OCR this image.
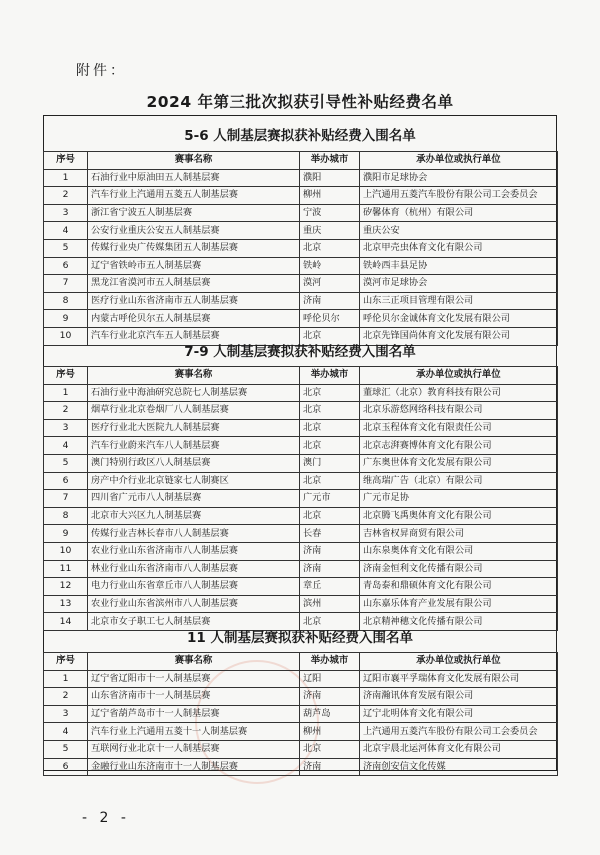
附件：
2024 年第三批次拟获引导性补贴经费名单
5-6 人制基层赛拟获补贴经费入围名单
序号	赛事名称	举办城市	承办单位或执行单位
1	石油行业中原油田五人制基层赛	濮阳	濮阳市足球协会
2	汽车行业上汽通用五菱五人制基层赛	柳州	上汽通用五菱汽车股份有限公司工会委员会
3	浙江省宁波五人制基层赛	宁波	矽馨体育（杭州）有限公司
4	公安行业重庆公安五人制基层赛	重庆	重庆公安
5	传媒行业央广传媒集团五人制基层赛	北京	北京甲壳虫体育文化有限公司
6	辽宁省铁岭市五人制基层赛	铁岭	铁岭西丰县足协
7	黑龙江省漠河市五人制基层赛	漠河	漠河市足球协会
8	医疗行业山东省济南市五人制基层赛	济南	山东三正项目管理有限公司
9	内蒙古呼伦贝尔五人制基层赛	呼伦贝尔	呼伦贝尔金诚体育文化发展有限公司
10	汽车行业北京汽车五人制基层赛	北京	北京先锋国尚体育文化发展有限公司
7-9 人制基层赛拟获补贴经费入围名单
序号	赛事名称	举办城市	承办单位或执行单位
1	石油行业中海油研究总院七人制基层赛	北京	董球汇（北京）教育科技有限公司
2	烟草行业北京卷烟厂八人制基层赛	北京	北京乐游悠网络科技有限公司
3	医疗行业北大医院九人制基层赛	北京	北京玉程体育文化有限责任公司
4	汽车行业蔚来汽车八人制基层赛	北京	北京志湃赛博体育文化有限公司
5	澳门特别行政区八人制基层赛	澳门	广东奥世体育文化发展有限公司
6	房产中介行业北京链家七人制赛区	北京	维高瑞广告（北京）有限公司
7	四川省广元市八人制基层赛	广元市	广元市足协
8	北京市大兴区九人制基层赛	北京	北京腾飞禹奥体育文化有限公司
9	传媒行业吉林长春市八人制基层赛	长春	吉林省权昇商贸有限公司
10	农业行业山东省济南市八人制基层赛	济南	山东泉奥体育文化有限公司
11	林业行业山东省济南市八人制基层赛	济南	济南金恒利文化传播有限公司
12	电力行业山东省章丘市八人制基层赛	章丘	青岛泰和鼎硕体育文化有限公司
13	农业行业山东省滨州市八人制基层赛	滨州	山东嘉乐体育产业发展有限公司
14	北京市女子职工七人制基层赛	北京	北京精神穗文化传播有限公司
11 人制基层赛拟获补贴经费入围名单
序号	赛事名称	举办城市	承办单位或执行单位
1	辽宁省辽阳市十一人制基层赛	辽阳	辽阳市襄平孚瑞体育文化发展有限公司
2	山东省济南市十一人制基层赛	济南	济南瀚讯体育发展有限公司
3	辽宁省葫芦岛市十一人制基层赛	葫芦岛	辽宁北明体育文化有限公司
4	汽车行业上汽通用五菱十一人制基层赛	柳州	上汽通用五菱汽车股份有限公司工会委员会
5	互联网行业北京十一人制基层赛	北京	北京宇晨北运河体育文化有限公司
6	金融行业山东济南市十一人制基层赛	济南	济南创安信文化传媒
- 2 -
